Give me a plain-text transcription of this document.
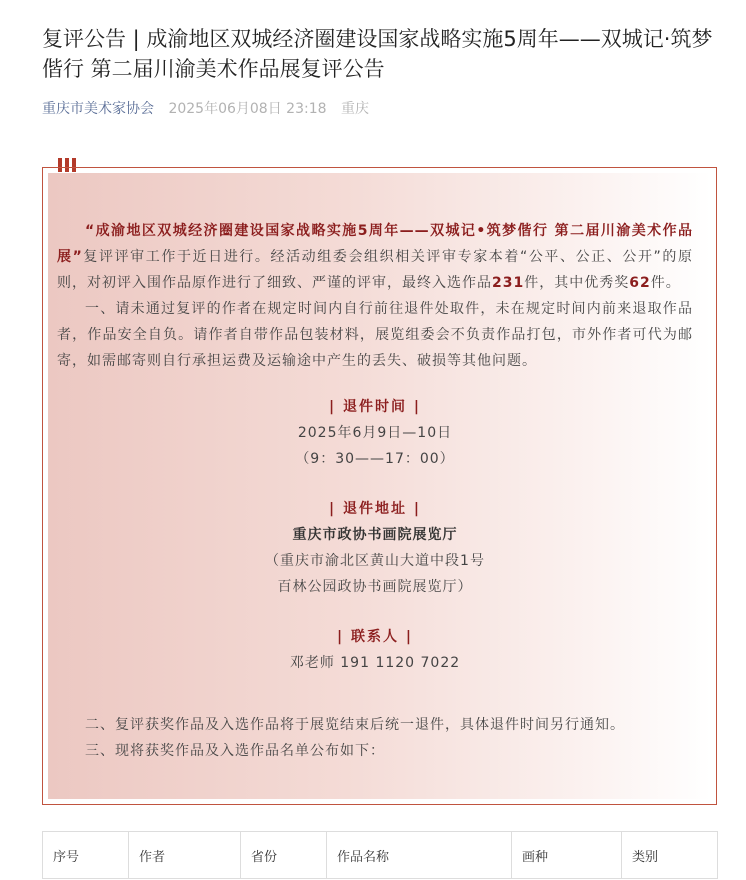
复评公告 | 成渝地区双城经济圈建设国家战略实施5周年——双城记·筑梦偕行 第二届川渝美术作品展复评公告
重庆市美术家协会 2025年06月08日 23:18 重庆

“成渝地区双城经济圈建设国家战略实施5周年——双城记•筑梦偕行 第二届川渝美术作品展”复评评审工作于近日进行。经活动组委会组织相关评审专家本着“公平、公正、公开”的原则，对初评入围作品原作进行了细致、严谨的评审，最终入选作品231件，其中优秀奖62件。

一、请未通过复评的作者在规定时间内自行前往退件处取件，未在规定时间内前来退取作品者，作品安全自负。请作者自带作品包装材料，展览组委会不负责作品打包，市外作者可代为邮寄，如需邮寄则自行承担运费及运输途中产生的丢失、破损等其他问题。

| 退件时间 |
2025年6月9日—10日
（9：30——17：00）
| 退件地址 |
重庆市政协书画院展览厅
（重庆市渝北区黄山大道中段1号
百林公园政协书画院展览厅）
| 联系人 |
邓老师 191 1120 7022

二、复评获奖作品及入选作品将于展览结束后统一退件，具体退件时间另行通知。

三、现将获奖作品及入选作品名单公布如下：

序号	作者	省份	作品名称	画种	类别
